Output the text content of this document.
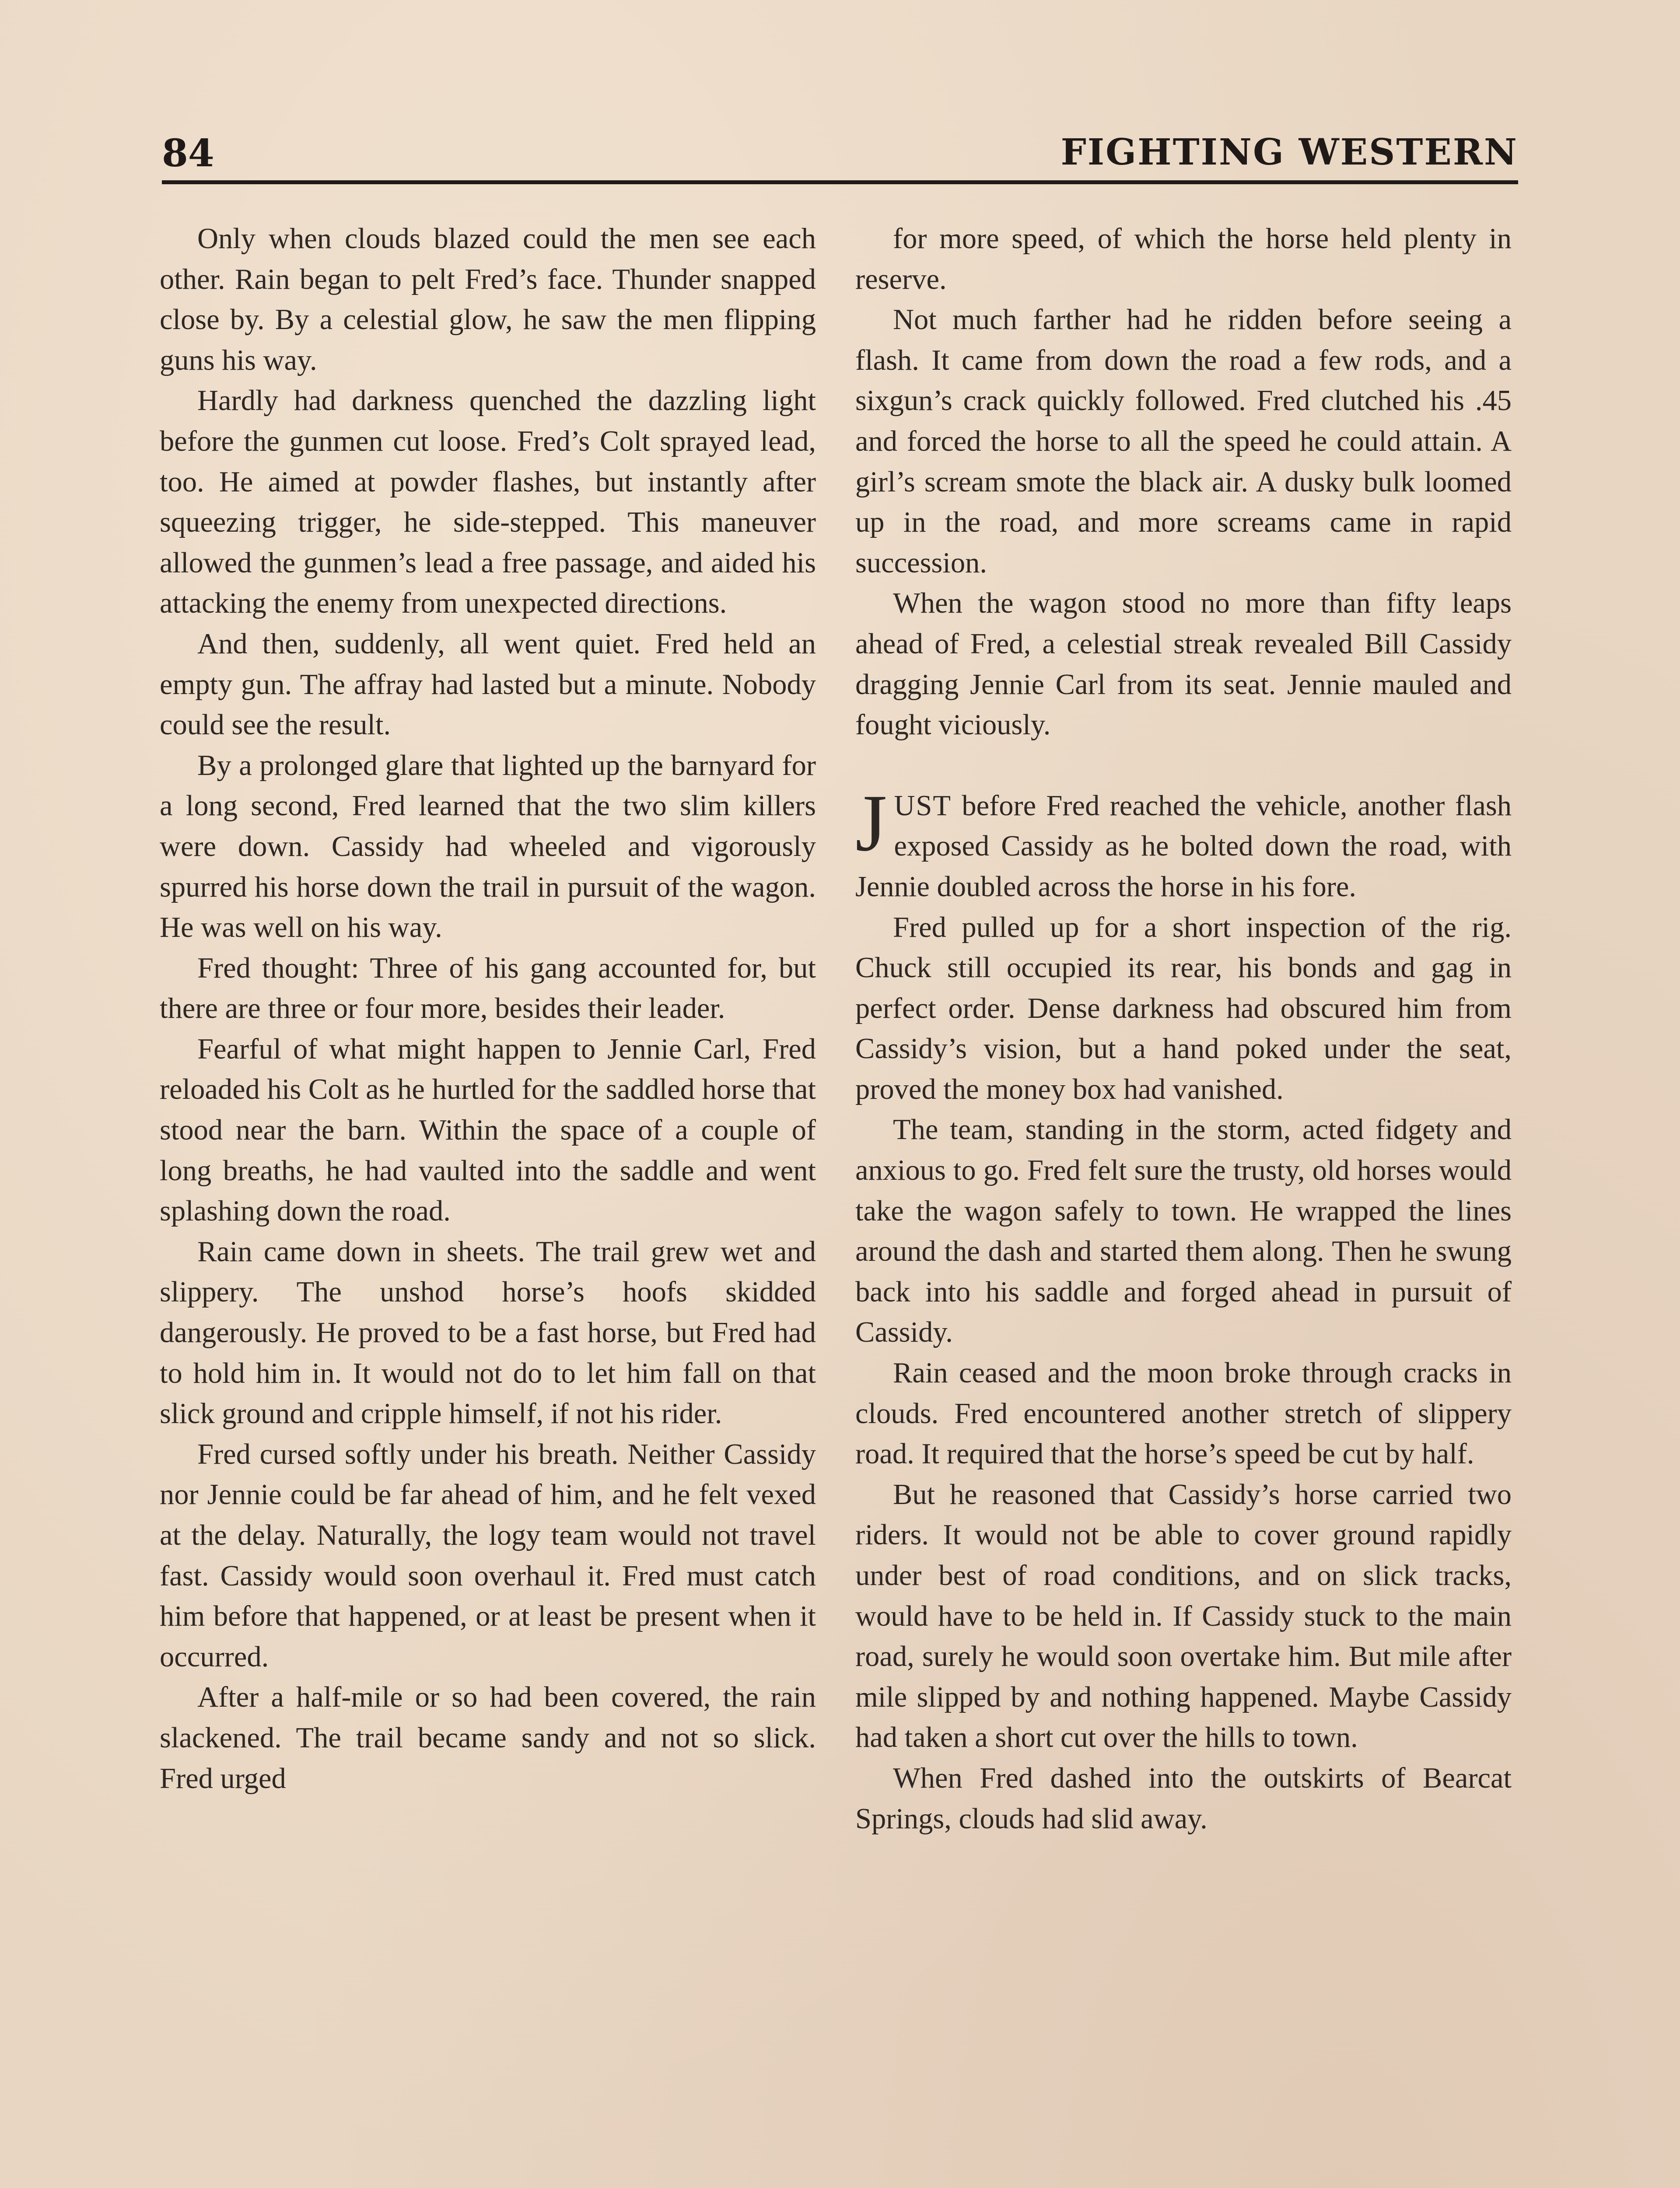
84	FIGHTING WESTERN

Only when clouds blazed could the men see each other. Rain began to pelt Fred’s face. Thunder snapped close by. By a celestial glow, he saw the men flipping guns his way.

Hardly had darkness quenched the dazzling light before the gunmen cut loose. Fred’s Colt sprayed lead, too. He aimed at powder flashes, but instantly after squeezing trigger, he side-stepped. This maneuver allowed the gunmen’s lead a free passage, and aided his attacking the enemy from unexpected directions.

And then, suddenly, all went quiet. Fred held an empty gun. The affray had lasted but a minute. Nobody could see the result.

By a prolonged glare that lighted up the barnyard for a long second, Fred learned that the two slim killers were down. Cassidy had wheeled and vigorously spurred his horse down the trail in pursuit of the wagon. He was well on his way.

Fred thought: Three of his gang accounted for, but there are three or four more, besides their leader.

Fearful of what might happen to Jennie Carl, Fred reloaded his Colt as he hurtled for the saddled horse that stood near the barn. Within the space of a couple of long breaths, he had vaulted into the saddle and went splashing down the road.

Rain came down in sheets. The trail grew wet and slippery. The unshod horse’s hoofs skidded dangerously. He proved to be a fast horse, but Fred had to hold him in. It would not do to let him fall on that slick ground and cripple himself, if not his rider.

Fred cursed softly under his breath. Neither Cassidy nor Jennie could be far ahead of him, and he felt vexed at the delay. Naturally, the logy team would not travel fast. Cassidy would soon overhaul it. Fred must catch him before that happened, or at least be present when it occurred.

After a half-mile or so had been covered, the rain slackened. The trail became sandy and not so slick. Fred urged

for more speed, of which the horse held plenty in reserve.

Not much farther had he ridden before seeing a flash. It came from down the road a few rods, and a sixgun’s crack quickly followed. Fred clutched his .45 and forced the horse to all the speed he could attain. A girl’s scream smote the black air. A dusky bulk loomed up in the road, and more screams came in rapid succession.

When the wagon stood no more than fifty leaps ahead of Fred, a celestial streak revealed Bill Cassidy dragging Jennie Carl from its seat. Jennie mauled and fought viciously.

JUST before Fred reached the vehicle, another flash exposed Cassidy as he bolted down the road, with Jennie doubled across the horse in his fore.

Fred pulled up for a short inspection of the rig. Chuck still occupied its rear, his bonds and gag in perfect order. Dense darkness had obscured him from Cassidy’s vision, but a hand poked under the seat, proved the money box had vanished.

The team, standing in the storm, acted fidgety and anxious to go. Fred felt sure the trusty, old horses would take the wagon safely to town. He wrapped the lines around the dash and started them along. Then he swung back into his saddle and forged ahead in pursuit of Cassidy.

Rain ceased and the moon broke through cracks in clouds. Fred encountered another stretch of slippery road. It required that the horse’s speed be cut by half.

But he reasoned that Cassidy’s horse carried two riders. It would not be able to cover ground rapidly under best of road conditions, and on slick tracks, would have to be held in. If Cassidy stuck to the main road, surely he would soon overtake him. But mile after mile slipped by and nothing happened. Maybe Cassidy had taken a short cut over the hills to town.

When Fred dashed into the outskirts of Bearcat Springs, clouds had slid away.
